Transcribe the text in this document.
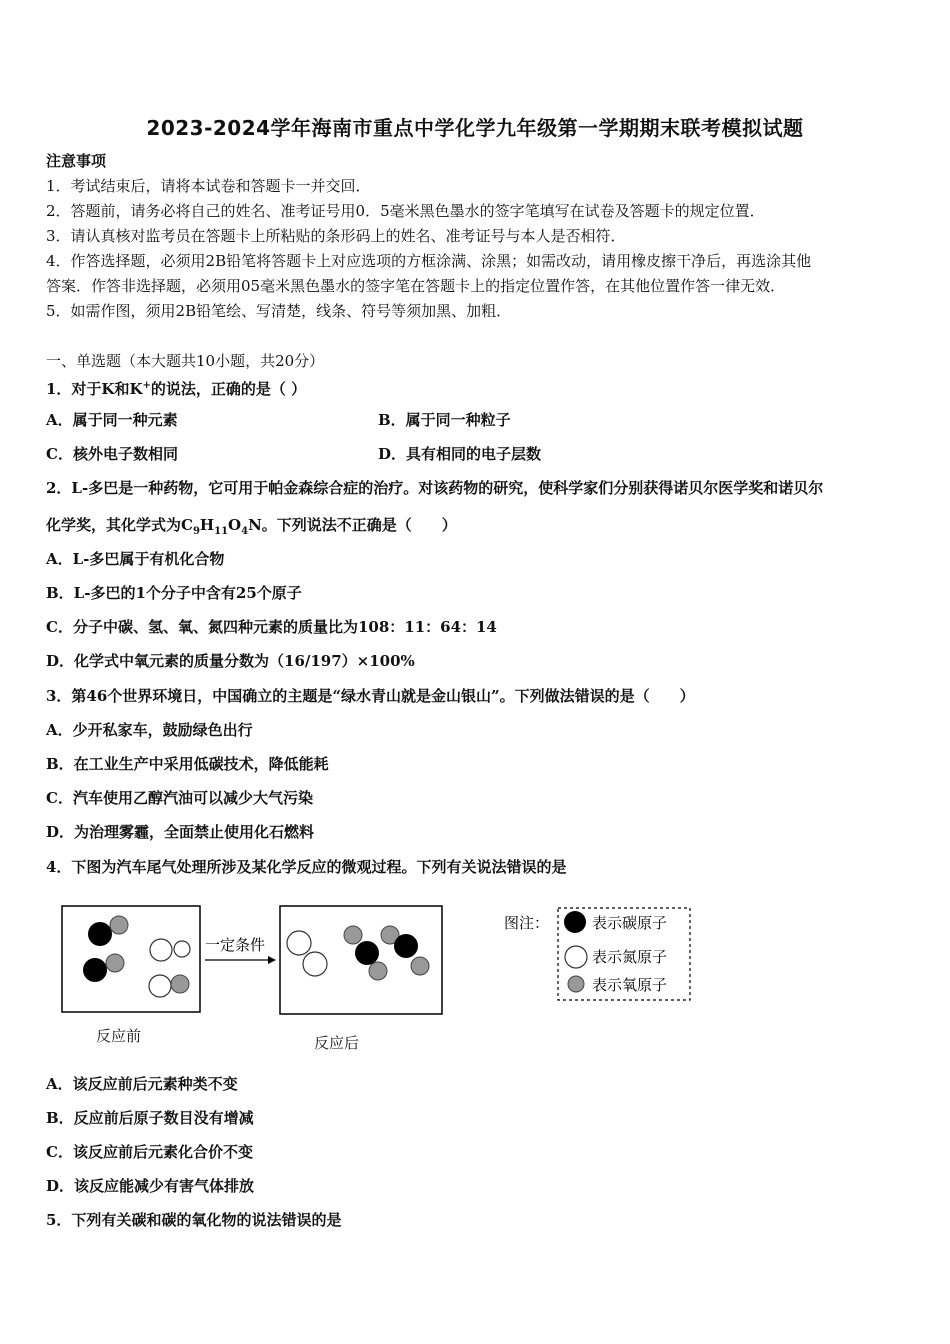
2023-2024学年海南市重点中学化学九年级第一学期期末联考模拟试题
注意事项
1．考试结束后，请将本试卷和答题卡一并交回．
2．答题前，请务必将自己的姓名、准考证号用0．5毫米黑色墨水的签字笔填写在试卷及答题卡的规定位置．
3．请认真核对监考员在答题卡上所粘贴的条形码上的姓名、准考证号与本人是否相符．
4．作答选择题，必须用2B铅笔将答题卡上对应选项的方框涂满、涂黑；如需改动，请用橡皮擦干净后，再选涂其他
答案．作答非选择题，必须用05毫米黑色墨水的签字笔在答题卡上的指定位置作答，在其他位置作答一律无效．
5．如需作图，须用2B铅笔绘、写清楚，线条、符号等须加黑、加粗．
一、单选题（本大题共10小题，共20分）
1．对于K和K+的说法，正确的是（ ）
A．属于同一种元素	B．属于同一种粒子
C．核外电子数相同	D．具有相同的电子层数
2．L-多巴是一种药物，它可用于帕金森综合症的治疗。对该药物的研究，使科学家们分别获得诺贝尔医学奖和诺贝尔
化学奖，其化学式为$C_9H_{11}O_4N$。下列说法不正确是（　　）
A．L-多巴属于有机化合物
B．L-多巴的1个分子中含有25个原子
C．分子中碳、氢、氧、氮四种元素的质量比为108：11：64：14
D．化学式中氧元素的质量分数为（16/197）×100%
3．第46个世界环境日，中国确立的主题是“绿水青山就是金山银山”。下列做法错误的是（　　）
A．少开私家车，鼓励绿色出行
B．在工业生产中采用低碳技术，降低能耗
C．汽车使用乙醇汽油可以减少大气污染
D．为治理雾霾，全面禁止使用化石燃料
4．下图为汽车尾气处理所涉及某化学反应的微观过程。下列有关说法错误的是
一定条件
图注：	表示碳原子
表示氮原子
表示氧原子
反应前	反应后
A．该反应前后元素种类不变
B．反应前后原子数目没有增减
C．该反应前后元素化合价不变
D．该反应能减少有害气体排放
5．下列有关碳和碳的氧化物的说法错误的是
